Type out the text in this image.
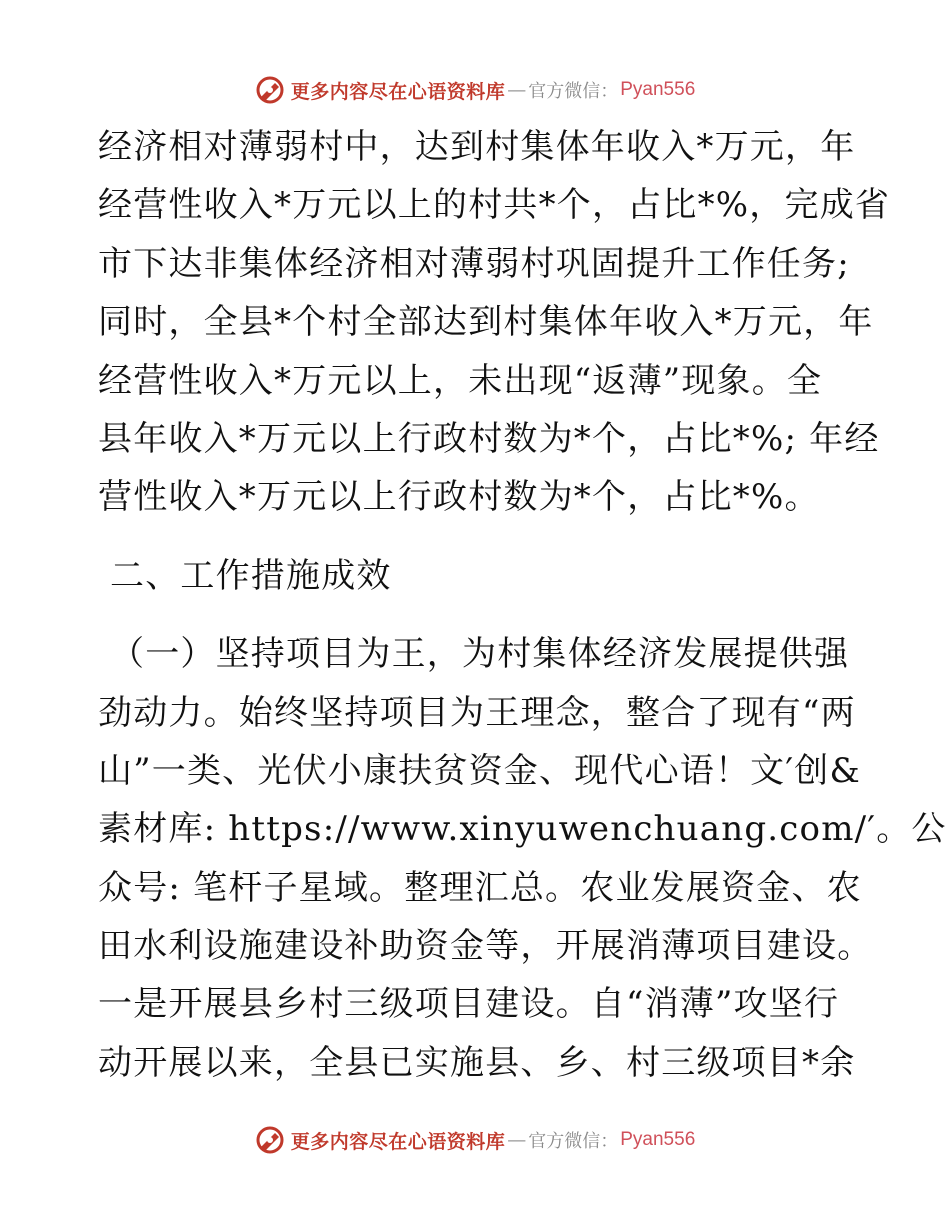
更多内容尽在心语资料库 — 官方微信： Pyan556
经济相对薄弱村中，达到村集体年收入*万元，年
经营性收入*万元以上的村共*个，占比*%，完成省
市下达非集体经济相对薄弱村巩固提升工作任务;
同时，全县*个村全部达到村集体年收入*万元，年
经营性收入*万元以上，未出现“返薄”现象。全
县年收入*万元以上行政村数为*个，占比*%; 年经
营性收入*万元以上行政村数为*个，占比*%。
二、工作措施成效
（一）坚持项目为王，为村集体经济发展提供强
劲动力。始终坚持项目为王理念，整合了现有“两
山”一类、光伏小康扶贫资金、现代心语！文′创&
素材库: https://www.xinyuwenchuang.com/′。公
众号: 笔杆子星域。整理汇总。农业发展资金、农
田水利设施建设补助资金等，开展消薄项目建设。
一是开展县乡村三级项目建设。自“消薄”攻坚行
动开展以来，全县已实施县、乡、村三级项目*余
更多内容尽在心语资料库 — 官方微信： Pyan556
